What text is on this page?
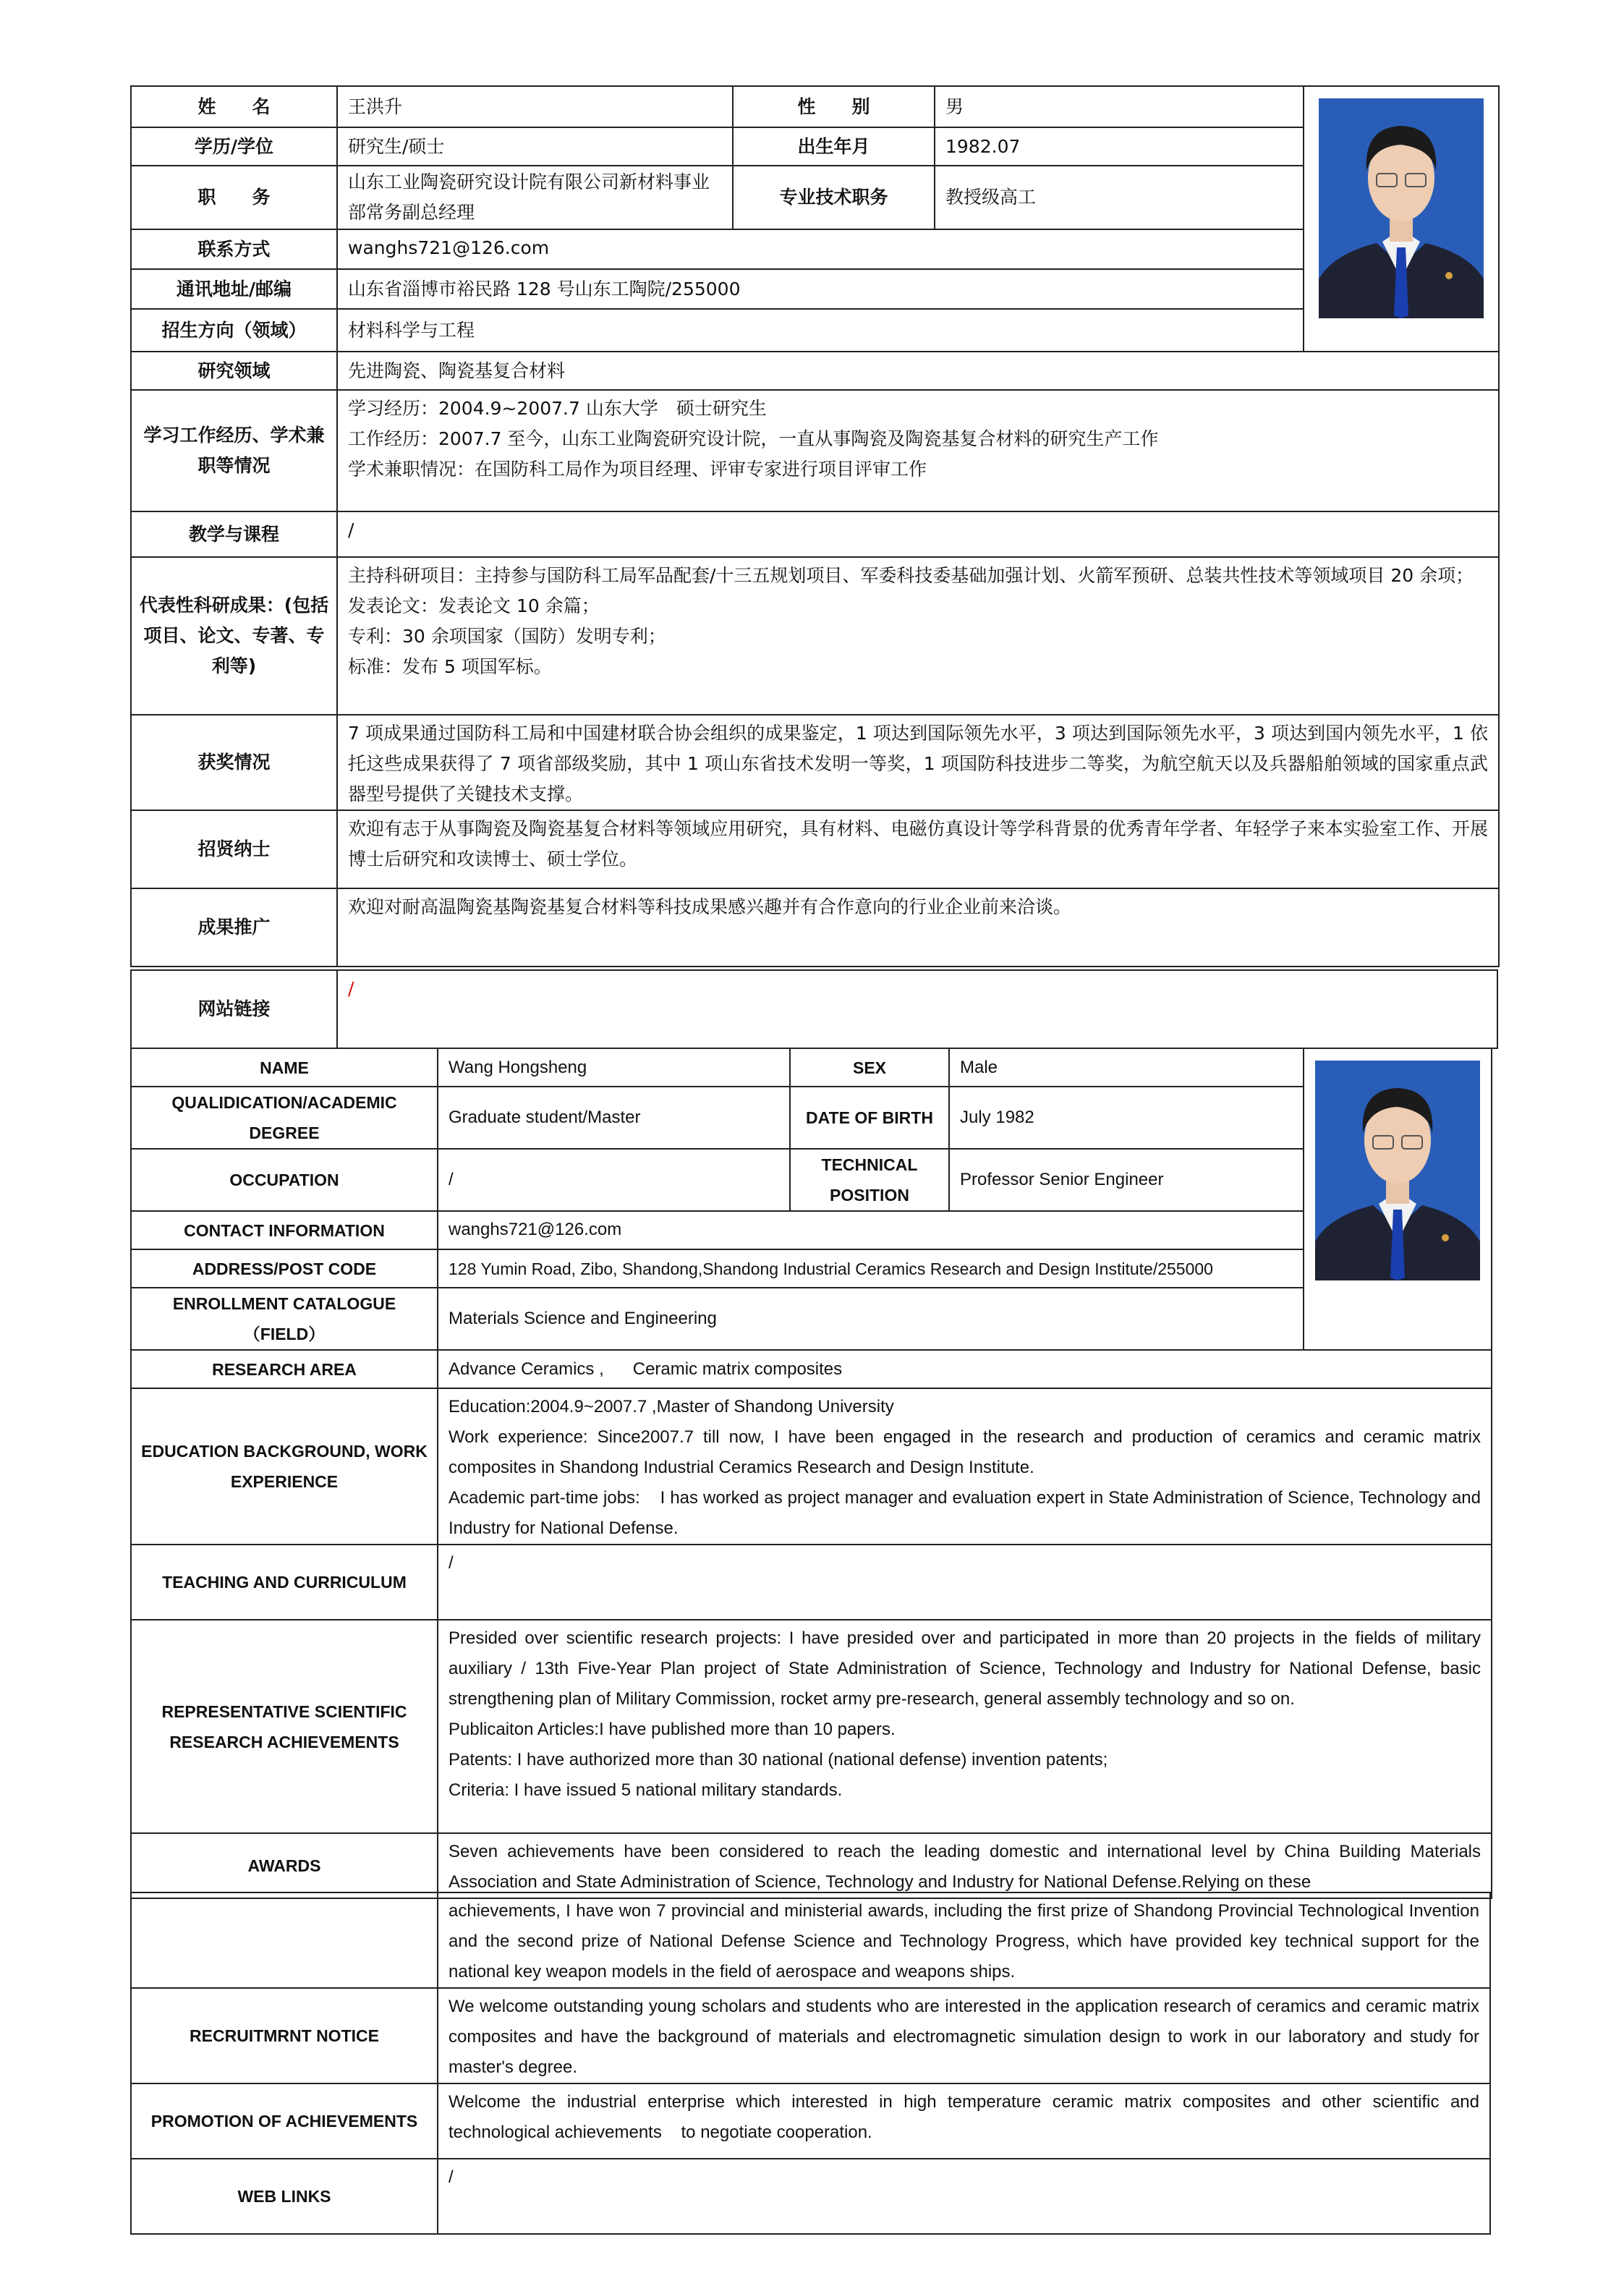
姓　　名	王洪升	性　　别	男	
学历/学位	研究生/硕士	出生年月	1982.07	
职　　务	山东工业陶瓷研究设计院有限公司新材料事业部常务副总经理	专业技术职务	教授级高工	
联系方式	wanghs721@126.com			
通讯地址/邮编	山东省淄博市裕民路 128 号山东工陶院/255000			
招生方向（领域）	材料科学与工程			
研究领域	先进陶瓷、陶瓷基复合材料			
学习工作经历、学术兼职等情况	学习经历：2004.9~2007.7 山东大学　硕士研究生

工作经历：2007.7 至今，山东工业陶瓷研究设计院，一直从事陶瓷及陶瓷基复合材料的研究生产工作

学术兼职情况：在国防科工局作为项目经理、评审专家进行项目评审工作			

教学与课程	/			
代表性科研成果：(包括项目、论文、专著、专利等)	主持科研项目：主持参与国防科工局军品配套/十三五规划项目、军委科技委基础加强计划、火箭军预研、总装共性技术等领域项目 20 余项；

发表论文：发表论文 10 余篇；

专利：30 余项国家（国防）发明专利；

标准：发布 5 项国军标。			

获奖情况	7 项成果通过国防科工局和中国建材联合协会组织的成果鉴定，1 项达到国际领先水平，3 项达到国际领先水平，3 项达到国内领先水平，1 依托这些成果获得了 7 项省部级奖励，其中 1 项山东省技术发明一等奖，1 项国防科技进步二等奖，为航空航天以及兵器船舶领域的国家重点武器型号提供了关键技术支撑。			
招贤纳士	欢迎有志于从事陶瓷及陶瓷基复合材料等领域应用研究，具有材料、电磁仿真设计等学科背景的优秀青年学者、年轻学子来本实验室工作、开展博士后研究和攻读博士、硕士学位。			
成果推广	欢迎对耐高温陶瓷基陶瓷基复合材料等科技成果感兴趣并有合作意向的行业企业前来洽谈。			
网站链接	/
NAME	Wang Hongsheng	SEX	Male	
QUALIDICATION/ACADEMIC DEGREE	Graduate student/Master	DATE OF BIRTH	July 1982	
OCCUPATION	/	TECHNICAL POSITION	Professor Senior Engineer	
CONTACT INFORMATION	wanghs721@126.com			
ADDRESS/POST CODE	128 Yumin Road, Zibo, Shandong,Shandong Industrial Ceramics Research and Design Institute/255000			
ENROLLMENT CATALOGUE （FIELD）	Materials Science and Engineering			
RESEARCH AREA	Advance Ceramics ,      Ceramic matrix composites			
EDUCATION BACKGROUND, WORK EXPERIENCE	Education:2004.9~2007.7 ,Master of Shandong University

Work experience: Since2007.7 till now, I have been engaged in the research and production of ceramics and ceramic matrix composites in Shandong Industrial Ceramics Research and Design Institute.

Academic part-time jobs:    I has worked as project manager and evaluation expert in State Administration of Science, Technology and Industry for National Defense.			

TEACHING AND CURRICULUM	/			
REPRESENTATIVE SCIENTIFIC RESEARCH ACHIEVEMENTS	Presided over scientific research projects: I have presided over and participated in more than 20 projects in the fields of military auxiliary / 13th Five-Year Plan project of State Administration of Science, Technology and Industry for National Defense, basic strengthening plan of Military Commission, rocket army pre-research, general assembly technology and so on.

Publicaiton Articles:I have published more than 10 papers.

Patents: I have authorized more than 30 national (national defense) invention patents;

Criteria: I have issued 5 national military standards.			

AWARDS	Seven achievements have been considered to reach the leading domestic and international level by China Building Materials Association and State Administration of Science, Technology and Industry for National Defense.Relying on these			
	achievements, I have won 7 provincial and ministerial awards, including the first prize of Shandong Provincial Technological Invention and the second prize of National Defense Science and Technology Progress, which have provided key technical support for the national key weapon models in the field of aerospace and weapons ships.
RECRUITMRNT NOTICE	We welcome outstanding young scholars and students who are interested in the application research of ceramics and ceramic matrix composites and have the background of materials and electromagnetic simulation design to work in our laboratory and study for master's degree.
PROMOTION OF ACHIEVEMENTS	Welcome the industrial enterprise which interested in high temperature ceramic matrix composites and other scientific and technological achievements    to negotiate cooperation.
WEB LINKS	/
